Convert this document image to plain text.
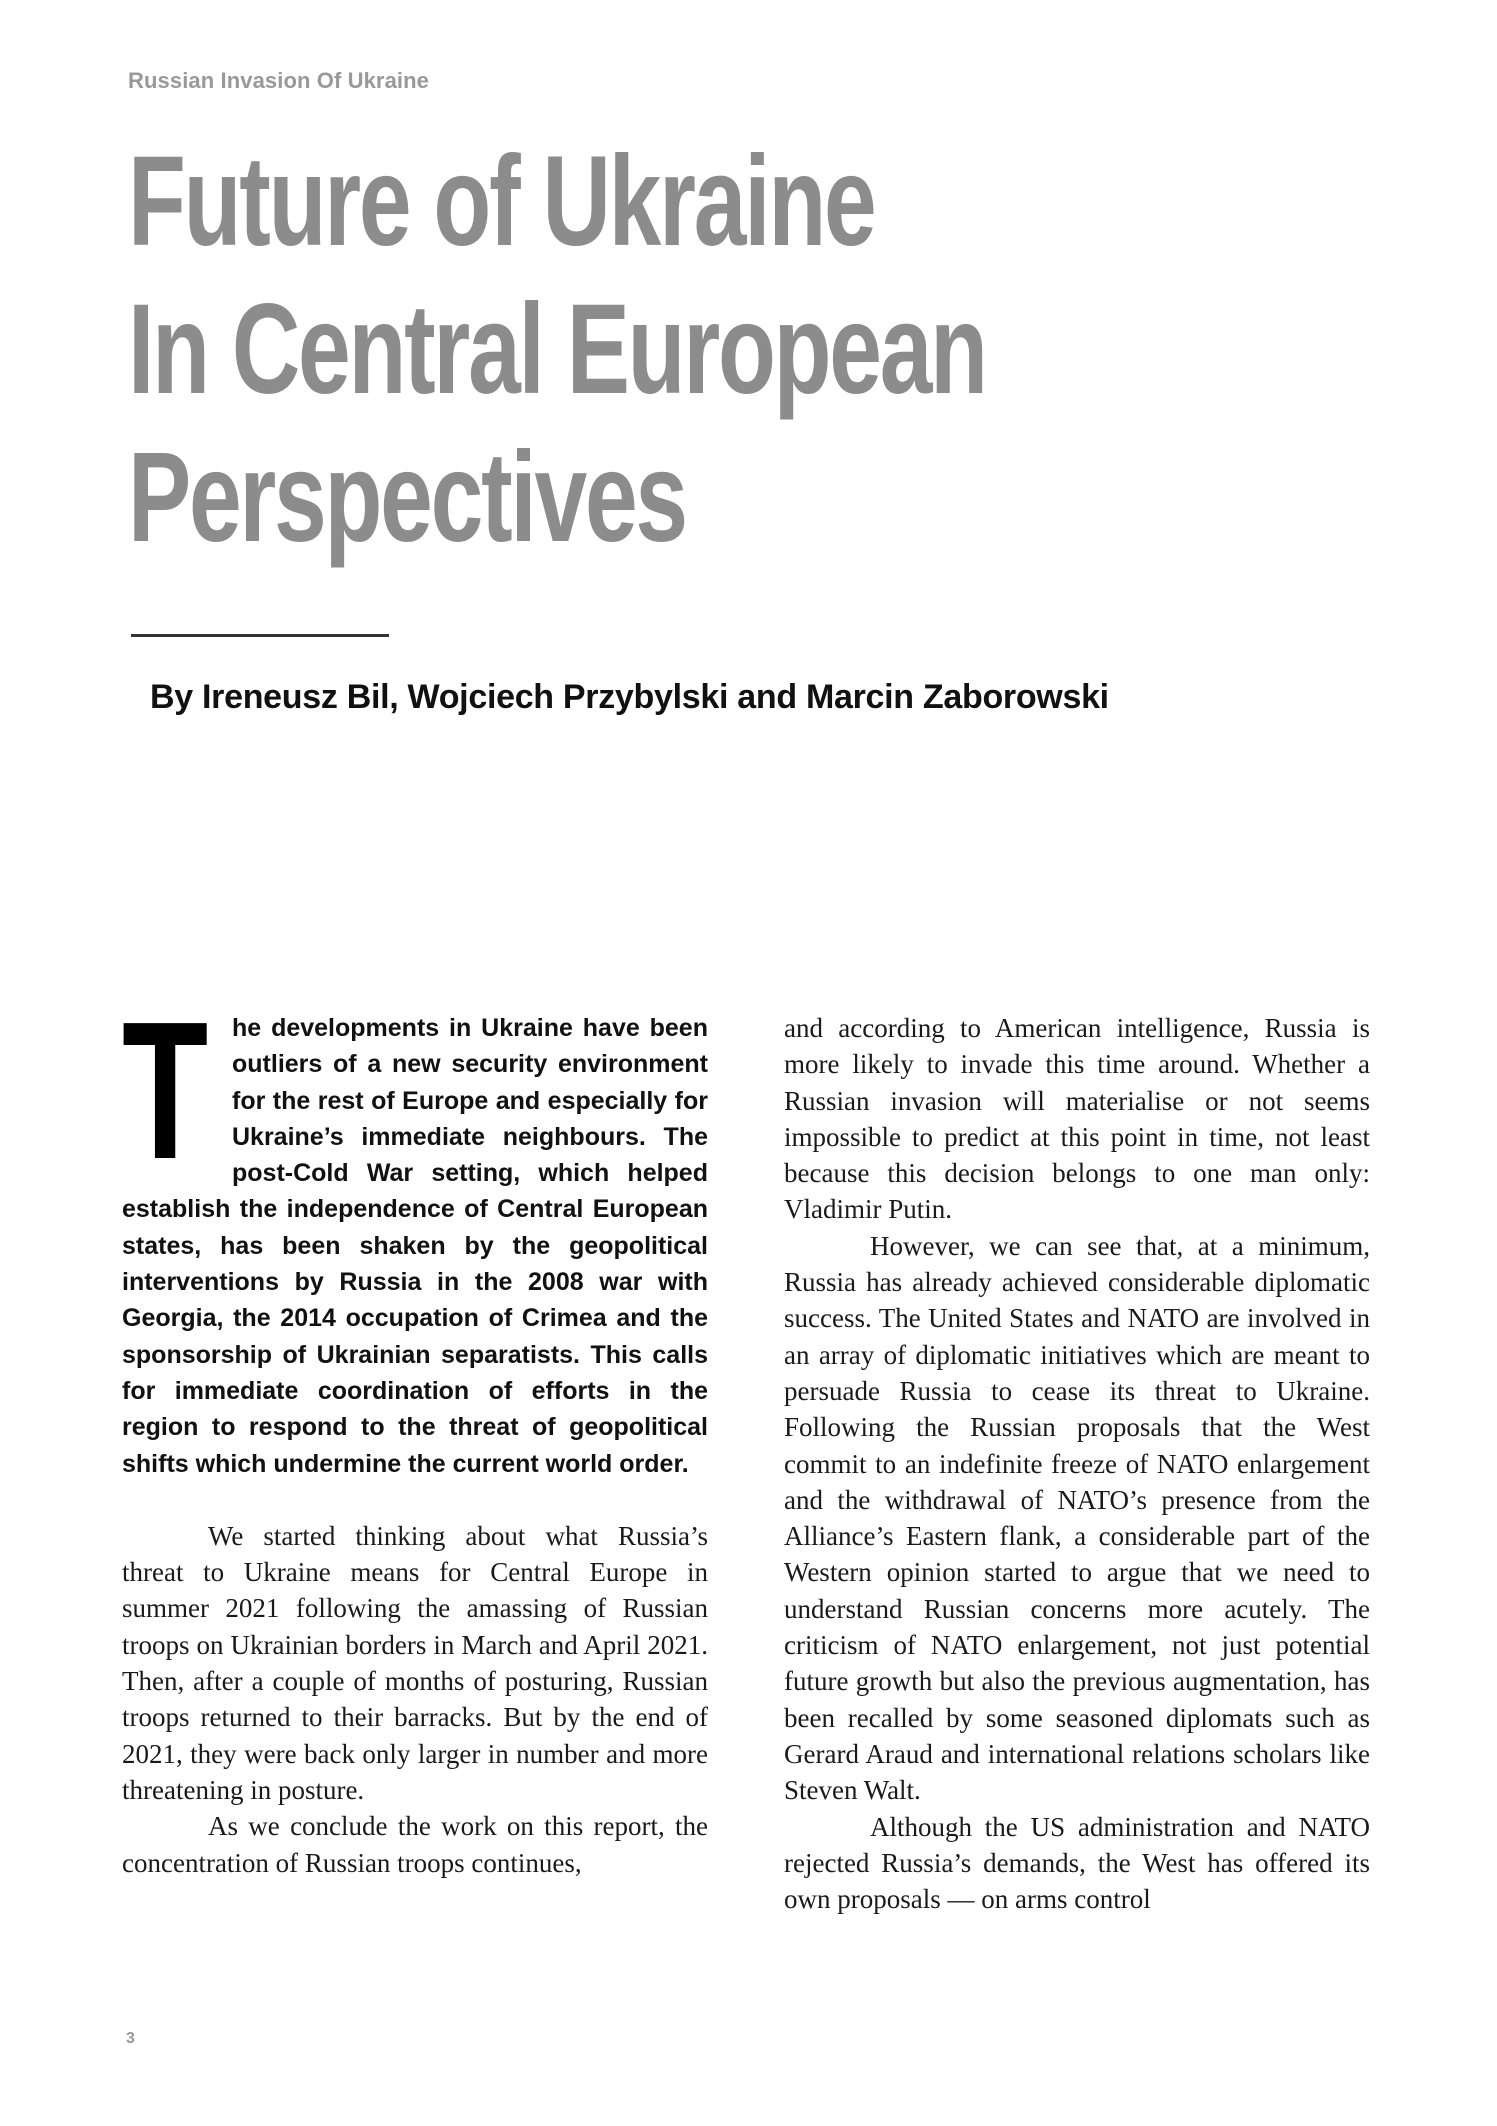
Russian Invasion Of Ukraine
Future of Ukraine
In Central European
Perspectives
By Ireneusz Bil, Wojciech Przybylski and Marcin Zaborowski

The developments in Ukraine have been outliers of a new security environment for the rest of Europe and especially for Ukraine’s immediate neighbours. The post-Cold War setting, which helped establish the independence of Central European states, has been shaken by the geopolitical interventions by Russia in the 2008 war with Georgia, the 2014 occupation of Crimea and the sponsorship of Ukrainian separatists. This calls for immediate coordination of efforts in the region to respond to the threat of geopolitical shifts which undermine the current world order.

We started thinking about what Russia’s threat to Ukraine means for Central Europe in summer 2021 following the amassing of Russian troops on Ukrainian borders in March and April 2021. Then, after a couple of months of posturing, Russian troops returned to their barracks. But by the end of 2021, they were back only larger in number and more threatening in posture.

As we conclude the work on this report, the concentration of Russian troops continues,

and according to American intelligence, Russia is more likely to invade this time around. Whether a Russian invasion will materialise or not seems impossible to predict at this point in time, not least because this decision belongs to one man only: Vladimir Putin.

However, we can see that, at a minimum, Russia has already achieved considerable diplomatic success. The United States and NATO are involved in an array of diplomatic initiatives which are meant to persuade Russia to cease its threat to Ukraine. Following the Russian proposals that the West commit to an indefinite freeze of NATO enlargement and the withdrawal of NATO’s presence from the Alliance’s Eastern flank, a considerable part of the Western opinion started to argue that we need to understand Russian concerns more acutely. The criticism of NATO enlargement, not just potential future growth but also the previous augmentation, has been recalled by some seasoned diplomats such as Gerard Araud and international relations scholars like Steven Walt.

Although the US administration and NATO rejected Russia’s demands, the West has offered its own proposals — on arms control

3
